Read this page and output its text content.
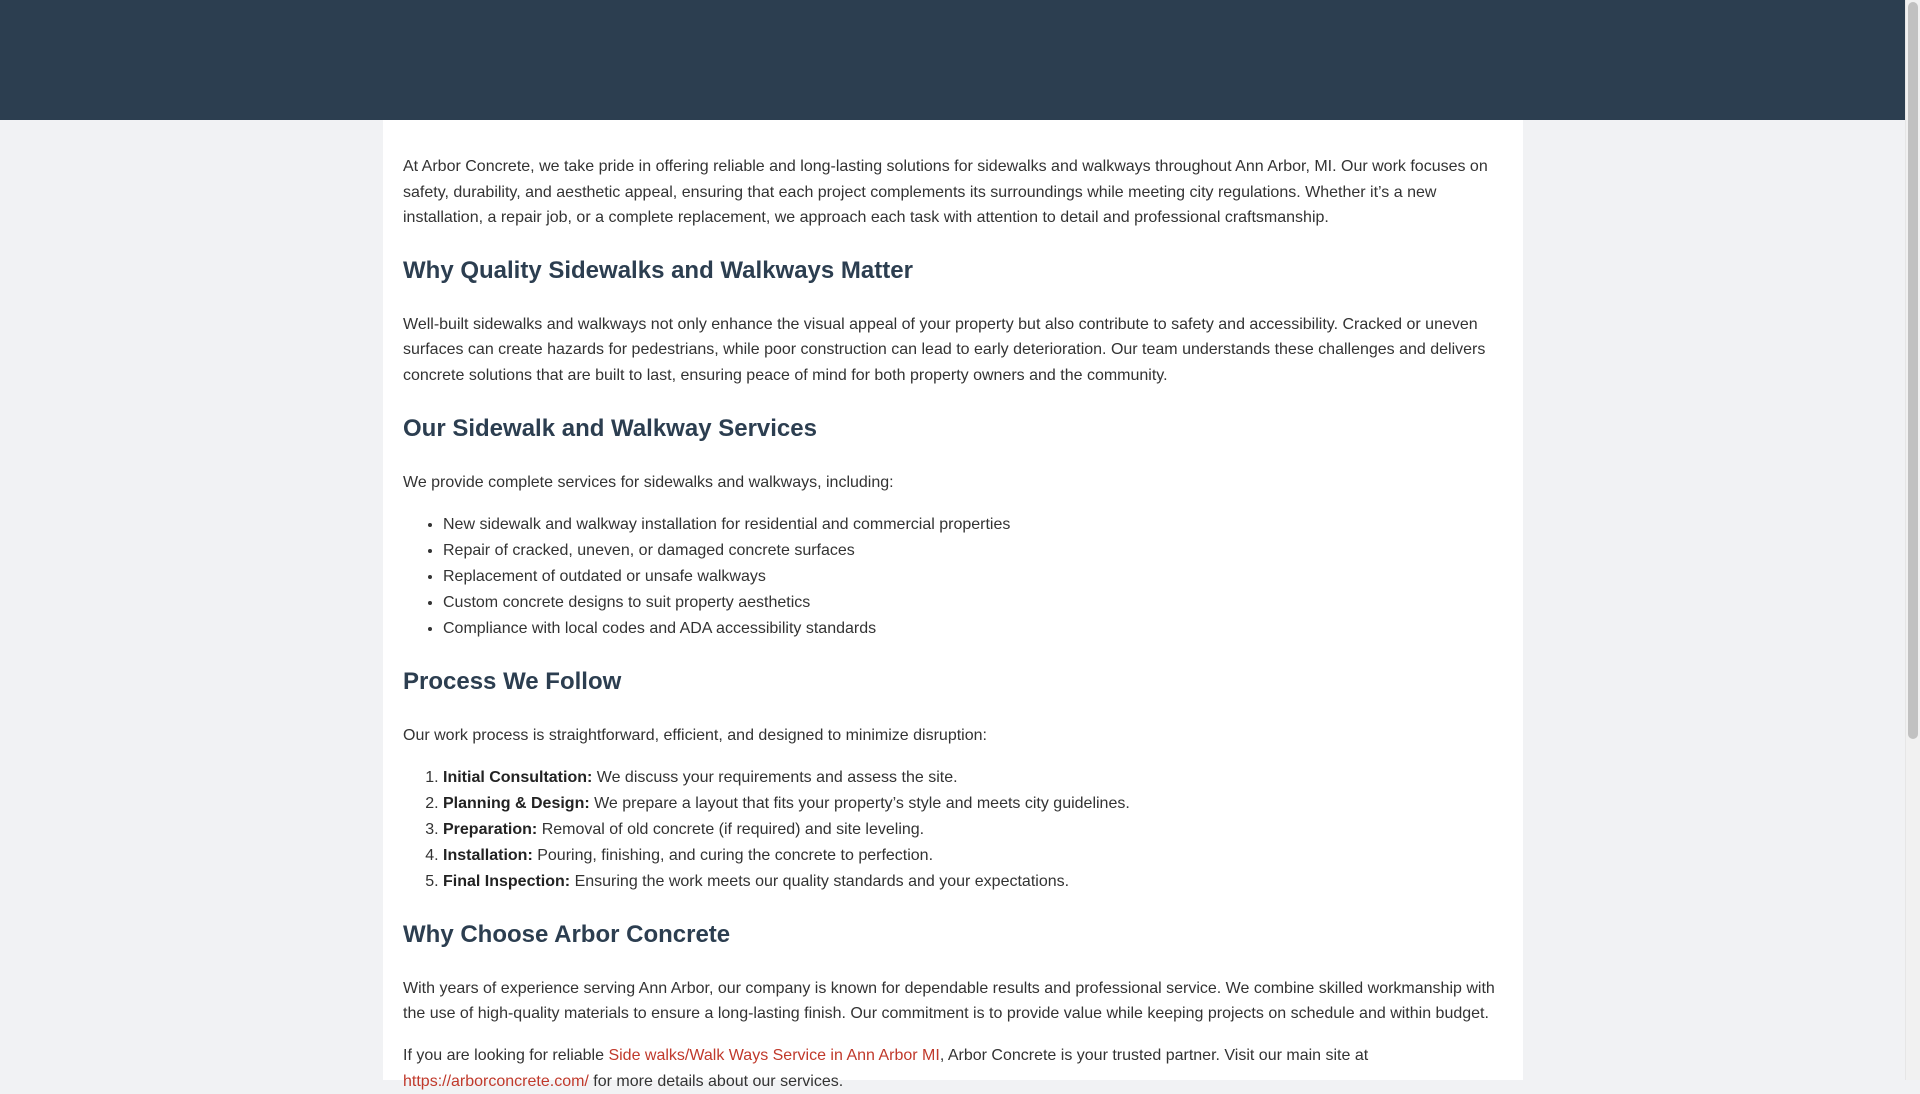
At Arbor Concrete, we take pride in offering reliable and long-lasting solutions for sidewalks and walkways throughout Ann Arbor, MI. Our work focuses on safety, durability, and aesthetic appeal, ensuring that each project complements its surroundings while meeting city regulations. Whether it’s a new installation, a repair job, or a complete replacement, we approach each task with attention to detail and professional craftsmanship.

Why Quality Sidewalks and Walkways Matter

Well-built sidewalks and walkways not only enhance the visual appeal of your property but also contribute to safety and accessibility. Cracked or uneven surfaces can create hazards for pedestrians, while poor construction can lead to early deterioration. Our team understands these challenges and delivers concrete solutions that are built to last, ensuring peace of mind for both property owners and the community.

Our Sidewalk and Walkway Services

We provide complete services for sidewalks and walkways, including:

• New sidewalk and walkway installation for residential and commercial properties
• Repair of cracked, uneven, or damaged concrete surfaces
• Replacement of outdated or unsafe walkways
• Custom concrete designs to suit property aesthetics
• Compliance with local codes and ADA accessibility standards
Process We Follow

Our work process is straightforward, efficient, and designed to minimize disruption:

1. Initial Consultation: We discuss your requirements and assess the site.
2. Planning & Design: We prepare a layout that fits your property’s style and meets city guidelines.
3. Preparation: Removal of old concrete (if required) and site leveling.
4. Installation: Pouring, finishing, and curing the concrete to perfection.
5. Final Inspection: Ensuring the work meets our quality standards and your expectations.
Why Choose Arbor Concrete

With years of experience serving Ann Arbor, our company is known for dependable results and professional service. We combine skilled workmanship with the use of high-quality materials to ensure a long-lasting finish. Our commitment is to provide value while keeping projects on schedule and within budget.

If you are looking for reliable Side walks/Walk Ways Service in Ann Arbor MI, Arbor Concrete is your trusted partner. Visit our main site at https://arborconcrete.com/ for more details about our services.
